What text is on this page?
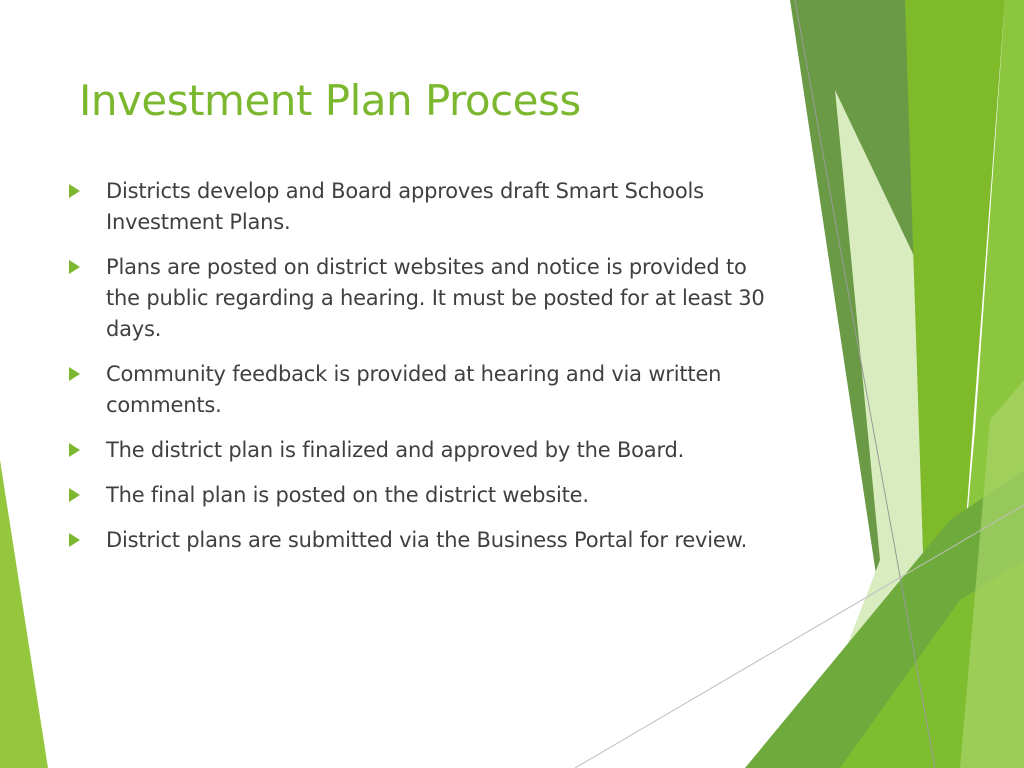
Investment Plan Process
Districts develop and Board approves draft Smart Schools Investment Plans.
Plans are posted on district websites and notice is provided to the public regarding a hearing. It must be posted for at least 30 days.
Community feedback is provided at hearing and via written comments.
The district plan is finalized and approved by the Board.
The final plan is posted on the district website.
District plans are submitted via the Business Portal for review.
